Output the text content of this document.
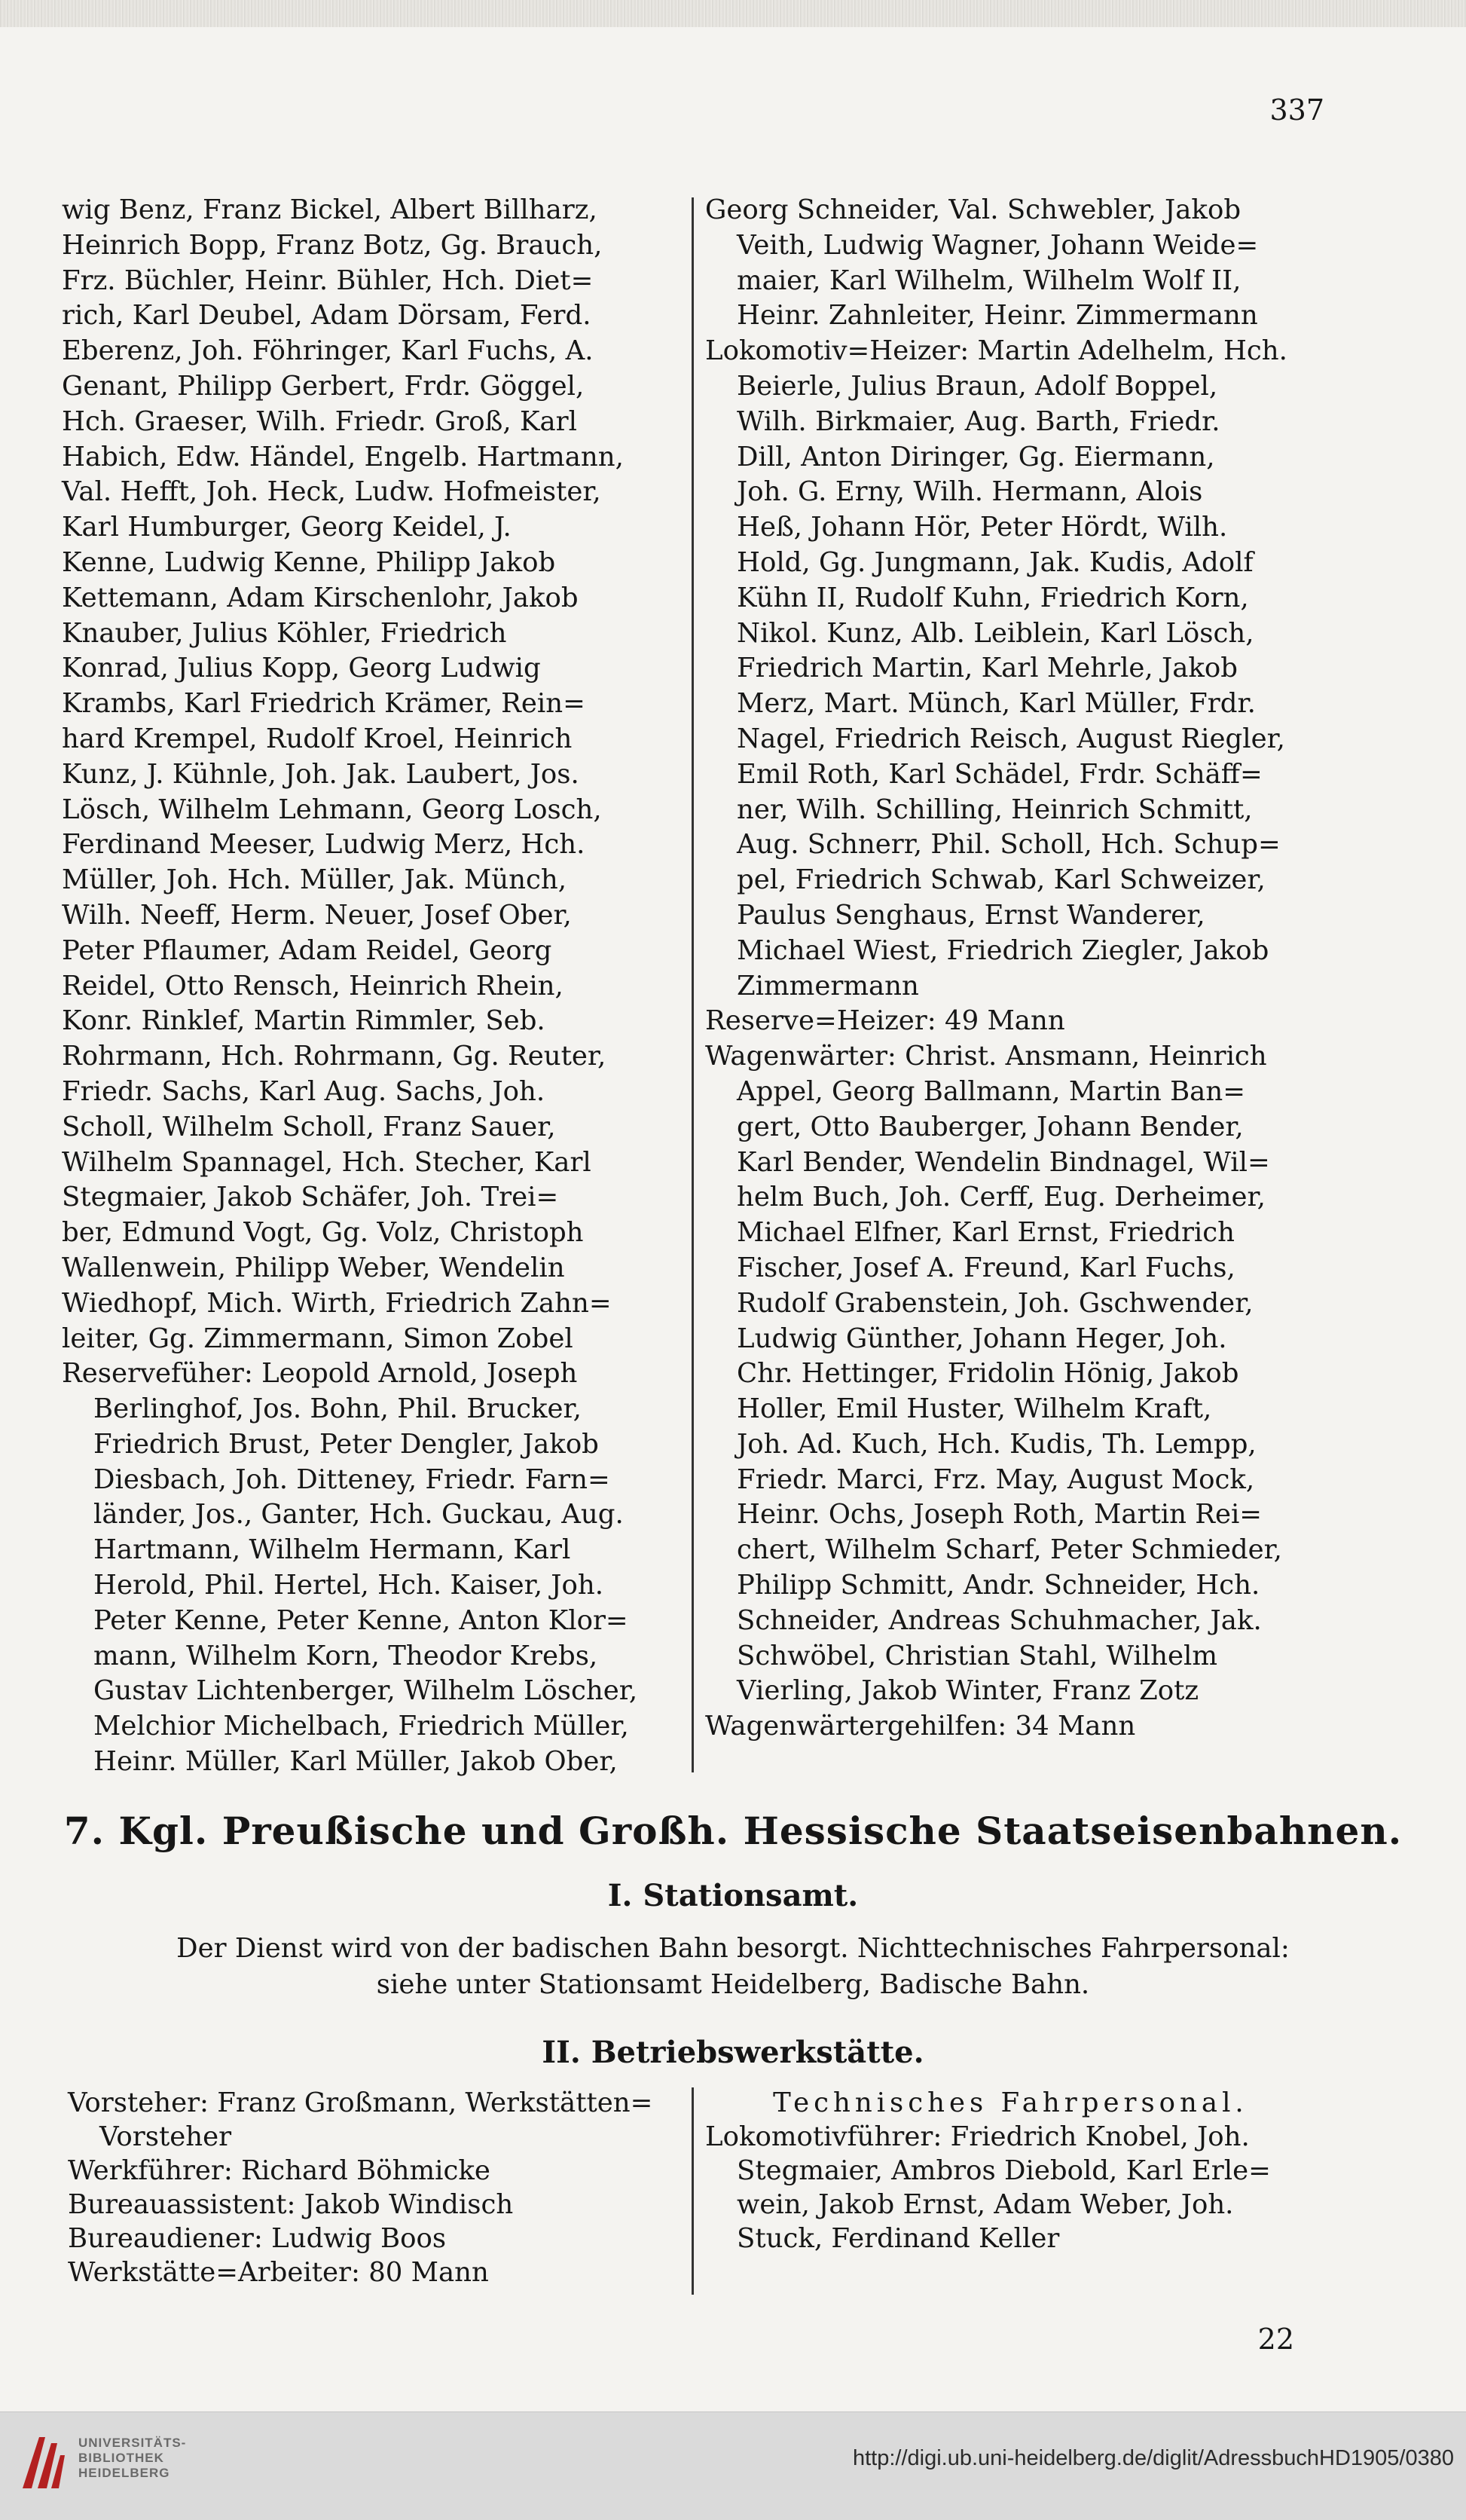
337
wig Benz, Franz Bickel, Albert Billharz,
Heinrich Bopp, Franz Botz, Gg. Brauch,
Frz. Büchler, Heinr. Bühler, Hch. Diet=
rich, Karl Deubel, Adam Dörsam, Ferd.
Eberenz, Joh. Föhringer, Karl Fuchs, A.
Genant, Philipp Gerbert, Frdr. Göggel,
Hch. Graeser, Wilh. Friedr. Groß, Karl
Habich, Edw. Händel, Engelb. Hartmann,
Val. Hefft, Joh. Heck, Ludw. Hofmeister,
Karl Humburger, Georg Keidel, J.
Kenne, Ludwig Kenne, Philipp Jakob
Kettemann, Adam Kirschenlohr, Jakob
Knauber, Julius Köhler, Friedrich
Konrad, Julius Kopp, Georg Ludwig
Krambs, Karl Friedrich Krämer, Rein=
hard Krempel, Rudolf Kroel, Heinrich
Kunz, J. Kühnle, Joh. Jak. Laubert, Jos.
Lösch, Wilhelm Lehmann, Georg Losch,
Ferdinand Meeser, Ludwig Merz, Hch.
Müller, Joh. Hch. Müller, Jak. Münch,
Wilh. Neeff, Herm. Neuer, Josef Ober,
Peter Pflaumer, Adam Reidel, Georg
Reidel, Otto Rensch, Heinrich Rhein,
Konr. Rinklef, Martin Rimmler, Seb.
Rohrmann, Hch. Rohrmann, Gg. Reuter,
Friedr. Sachs, Karl Aug. Sachs, Joh.
Scholl, Wilhelm Scholl, Franz Sauer,
Wilhelm Spannagel, Hch. Stecher, Karl
Stegmaier, Jakob Schäfer, Joh. Trei=
ber, Edmund Vogt, Gg. Volz, Christoph
Wallenwein, Philipp Weber, Wendelin
Wiedhopf, Mich. Wirth, Friedrich Zahn=
leiter, Gg. Zimmermann, Simon Zobel
Reservefüher: Leopold Arnold, Joseph
Berlinghof, Jos. Bohn, Phil. Brucker,
Friedrich Brust, Peter Dengler, Jakob
Diesbach, Joh. Ditteney, Friedr. Farn=
länder, Jos., Ganter, Hch. Guckau, Aug.
Hartmann, Wilhelm Hermann, Karl
Herold, Phil. Hertel, Hch. Kaiser, Joh.
Peter Kenne, Peter Kenne, Anton Klor=
mann, Wilhelm Korn, Theodor Krebs,
Gustav Lichtenberger, Wilhelm Löscher,
Melchior Michelbach, Friedrich Müller,
Heinr. Müller, Karl Müller, Jakob Ober,
Georg Schneider, Val. Schwebler, Jakob
Veith, Ludwig Wagner, Johann Weide=
maier, Karl Wilhelm, Wilhelm Wolf II,
Heinr. Zahnleiter, Heinr. Zimmermann
Lokomotiv=Heizer: Martin Adelhelm, Hch.
Beierle, Julius Braun, Adolf Boppel,
Wilh. Birkmaier, Aug. Barth, Friedr.
Dill, Anton Diringer, Gg. Eiermann,
Joh. G. Erny, Wilh. Hermann, Alois
Heß, Johann Hör, Peter Hördt, Wilh.
Hold, Gg. Jungmann, Jak. Kudis, Adolf
Kühn II, Rudolf Kuhn, Friedrich Korn,
Nikol. Kunz, Alb. Leiblein, Karl Lösch,
Friedrich Martin, Karl Mehrle, Jakob
Merz, Mart. Münch, Karl Müller, Frdr.
Nagel, Friedrich Reisch, August Riegler,
Emil Roth, Karl Schädel, Frdr. Schäff=
ner, Wilh. Schilling, Heinrich Schmitt,
Aug. Schnerr, Phil. Scholl, Hch. Schup=
pel, Friedrich Schwab, Karl Schweizer,
Paulus Senghaus, Ernst Wanderer,
Michael Wiest, Friedrich Ziegler, Jakob
Zimmermann
Reserve=Heizer: 49 Mann
Wagenwärter: Christ. Ansmann, Heinrich
Appel, Georg Ballmann, Martin Ban=
gert, Otto Bauberger, Johann Bender,
Karl Bender, Wendelin Bindnagel, Wil=
helm Buch, Joh. Cerff, Eug. Derheimer,
Michael Elfner, Karl Ernst, Friedrich
Fischer, Josef A. Freund, Karl Fuchs,
Rudolf Grabenstein, Joh. Gschwender,
Ludwig Günther, Johann Heger, Joh.
Chr. Hettinger, Fridolin Hönig, Jakob
Holler, Emil Huster, Wilhelm Kraft,
Joh. Ad. Kuch, Hch. Kudis, Th. Lempp,
Friedr. Marci, Frz. May, August Mock,
Heinr. Ochs, Joseph Roth, Martin Rei=
chert, Wilhelm Scharf, Peter Schmieder,
Philipp Schmitt, Andr. Schneider, Hch.
Schneider, Andreas Schuhmacher, Jak.
Schwöbel, Christian Stahl, Wilhelm
Vierling, Jakob Winter, Franz Zotz
Wagenwärtergehilfen: 34 Mann
7. Kgl. Preußische und Großh. Hessische Staatseisenbahnen.
I. Stationsamt.
Der Dienst wird von der badischen Bahn besorgt. Nichttechnisches Fahrpersonal:
siehe unter Stationsamt Heidelberg, Badische Bahn.
II. Betriebswerkstätte.
Vorsteher: Franz Großmann, Werkstätten=
Vorsteher
Werkführer: Richard Böhmicke
Bureauassistent: Jakob Windisch
Bureaudiener: Ludwig Boos
Werkstätte=Arbeiter: 80 Mann
Technisches Fahrpersonal.
Lokomotivführer: Friedrich Knobel, Joh.
Stegmaier, Ambros Diebold, Karl Erle=
wein, Jakob Ernst, Adam Weber, Joh.
Stuck, Ferdinand Keller
22
UNIVERSITÄTS-
BIBLIOTHEK
HEIDELBERG
http://digi.ub.uni-heidelberg.de/diglit/AdressbuchHD1905/0380
